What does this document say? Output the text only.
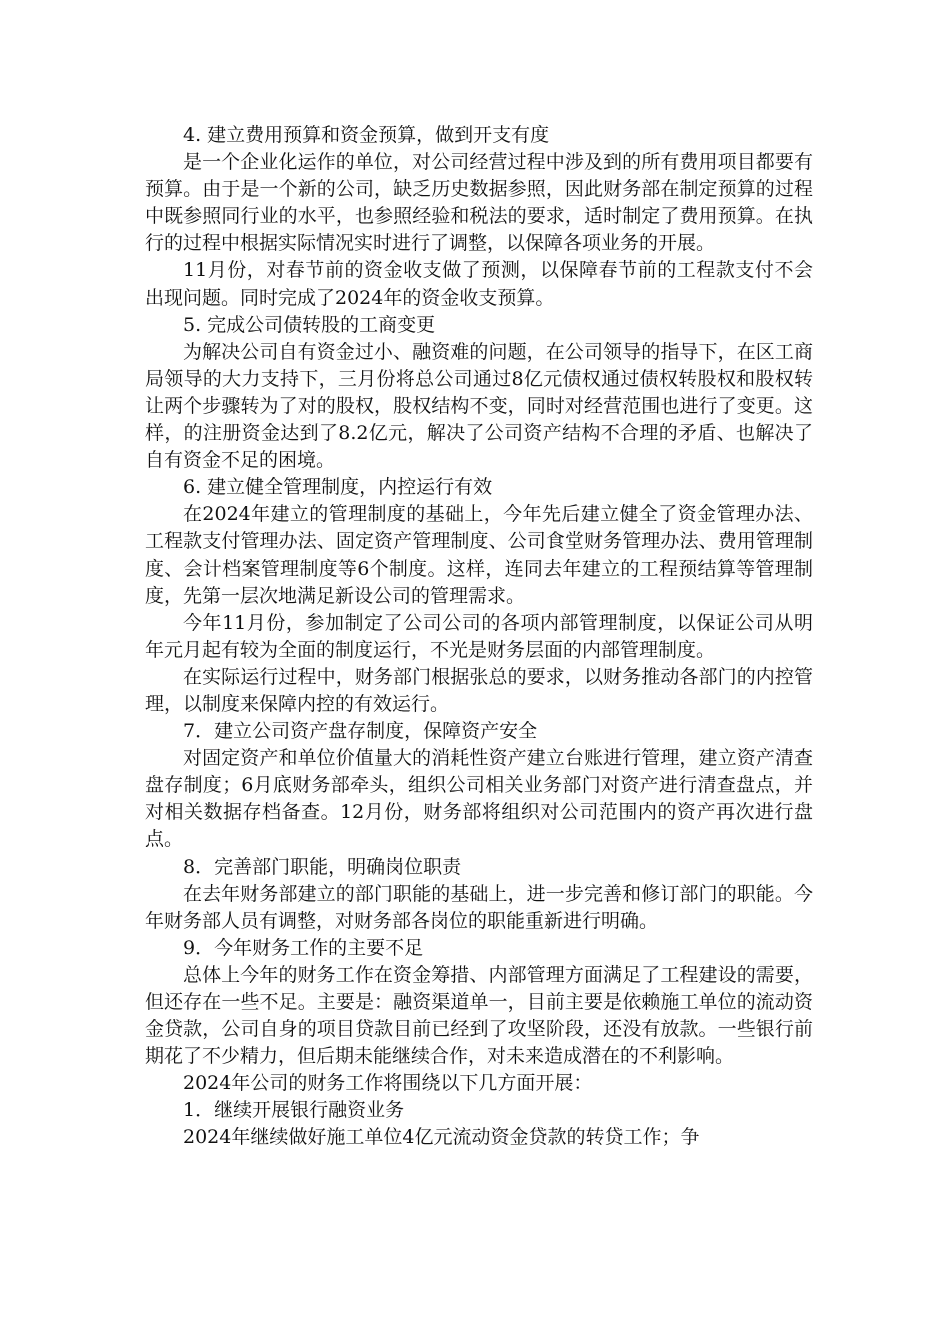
4. 建立费用预算和资金预算，做到开支有度

是一个企业化运作的单位，对公司经营过程中涉及到的所有费用项目都要有预算。由于是一个新的公司，缺乏历史数据参照，因此财务部在制定预算的过程中既参照同行业的水平，也参照经验和税法的要求，适时制定了费用预算。在执行的过程中根据实际情况实时进行了调整，以保障各项业务的开展。

11月份，对春节前的资金收支做了预测，以保障春节前的工程款支付不会出现问题。同时完成了2024年的资金收支预算。

5. 完成公司债转股的工商变更

为解决公司自有资金过小、融资难的问题，在公司领导的指导下，在区工商局领导的大力支持下，三月份将总公司通过8亿元债权通过债权转股权和股权转让两个步骤转为了对的股权，股权结构不变，同时对经营范围也进行了变更。这样，的注册资金达到了8.2亿元，解决了公司资产结构不合理的矛盾、也解决了自有资金不足的困境。

6. 建立健全管理制度，内控运行有效

在2024年建立的管理制度的基础上，今年先后建立健全了资金管理办法、工程款支付管理办法、固定资产管理制度、公司食堂财务管理办法、费用管理制度、会计档案管理制度等6个制度。这样，连同去年建立的工程预结算等管理制度，先第一层次地满足新设公司的管理需求。

今年11月份，参加制定了公司公司的各项内部管理制度，以保证公司从明年元月起有较为全面的制度运行，不光是财务层面的内部管理制度。

在实际运行过程中，财务部门根据张总的要求，以财务推动各部门的内控管理，以制度来保障内控的有效运行。

7．建立公司资产盘存制度，保障资产安全

对固定资产和单位价值量大的消耗性资产建立台账进行管理，建立资产清查盘存制度；6月底财务部牵头，组织公司相关业务部门对资产进行清查盘点，并对相关数据存档备查。12月份，财务部将组织对公司范围内的资产再次进行盘点。

8．完善部门职能，明确岗位职责

在去年财务部建立的部门职能的基础上，进一步完善和修订部门的职能。今年财务部人员有调整，对财务部各岗位的职能重新进行明确。

9．今年财务工作的主要不足

总体上今年的财务工作在资金筹措、内部管理方面满足了工程建设的需要，但还存在一些不足。主要是：融资渠道单一，目前主要是依赖施工单位的流动资金贷款，公司自身的项目贷款目前已经到了攻坚阶段，还没有放款。一些银行前期花了不少精力，但后期未能继续合作，对未来造成潜在的不利影响。

2024年公司的财务工作将围绕以下几方面开展：

1．继续开展银行融资业务

2024年继续做好施工单位4亿元流动资金贷款的转贷工作；争
